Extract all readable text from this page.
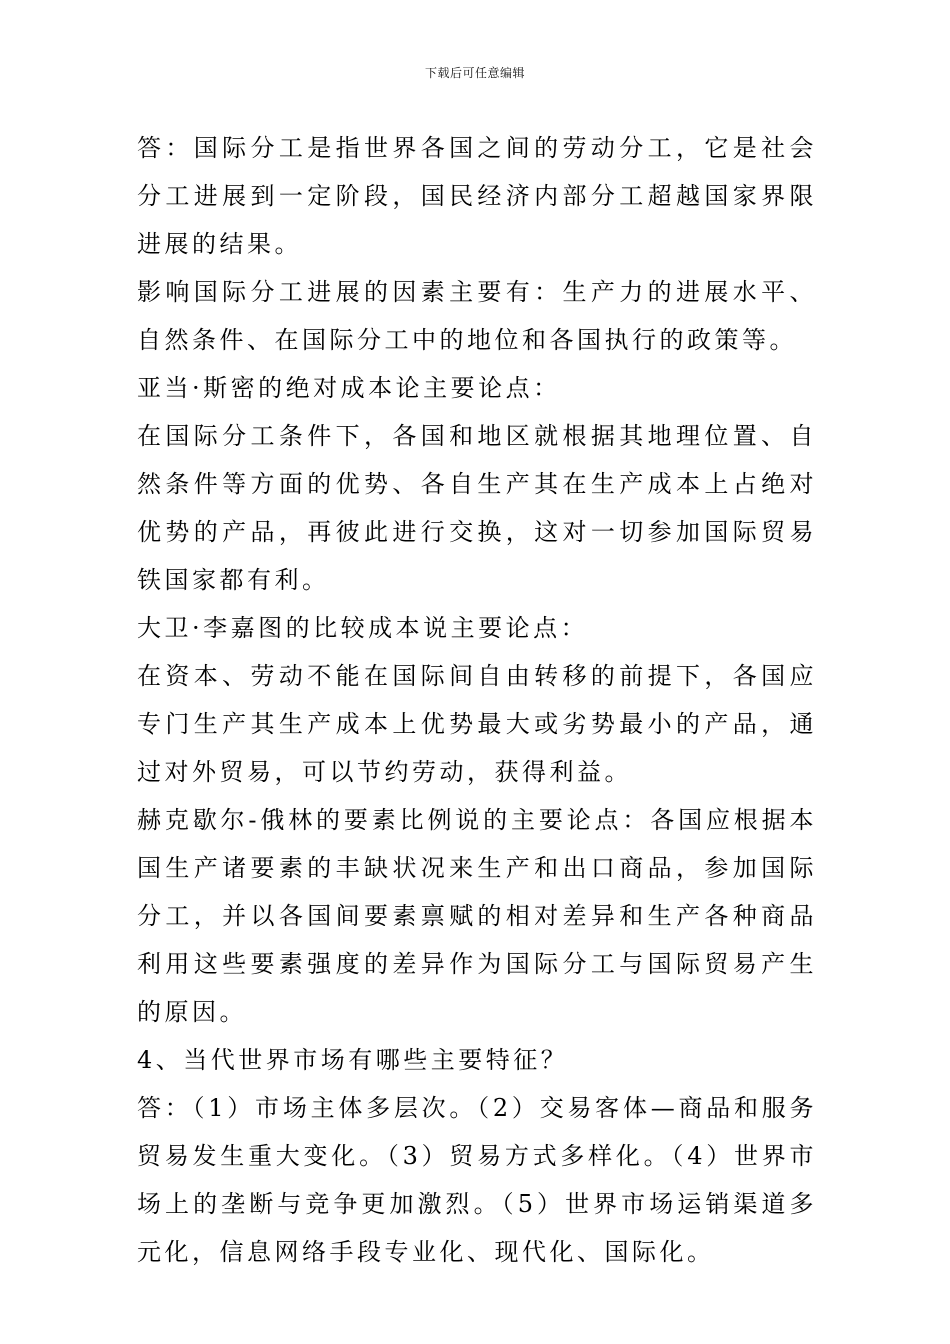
下载后可任意编辑

答：国际分工是指世界各国之间的劳动分工，它是社会分工进展到一定阶段，国民经济内部分工超越国家界限进展的结果。

影响国际分工进展的因素主要有：生产力的进展水平、自然条件、在国际分工中的地位和各国执行的政策等。

亚当·斯密的绝对成本论主要论点：

在国际分工条件下，各国和地区就根据其地理位置、自然条件等方面的优势、各自生产其在生产成本上占绝对优势的产品，再彼此进行交换，这对一切参加国际贸易铁国家都有利。

大卫·李嘉图的比较成本说主要论点：

在资本、劳动不能在国际间自由转移的前提下，各国应专门生产其生产成本上优势最大或劣势最小的产品，通过对外贸易，可以节约劳动，获得利益。

赫克歇尔-俄林的要素比例说的主要论点：各国应根据本国生产诸要素的丰缺状况来生产和出口商品，参加国际分工，并以各国间要素禀赋的相对差异和生产各种商品利用这些要素强度的差异作为国际分工与国际贸易产生的原因。

4、当代世界市场有哪些主要特征？

答：（1）市场主体多层次。（2）交易客体—商品和服务贸易发生重大变化。（3）贸易方式多样化。（4）世界市场上的垄断与竞争更加激烈。（5）世界市场运销渠道多元化，信息网络手段专业化、现代化、国际化。
